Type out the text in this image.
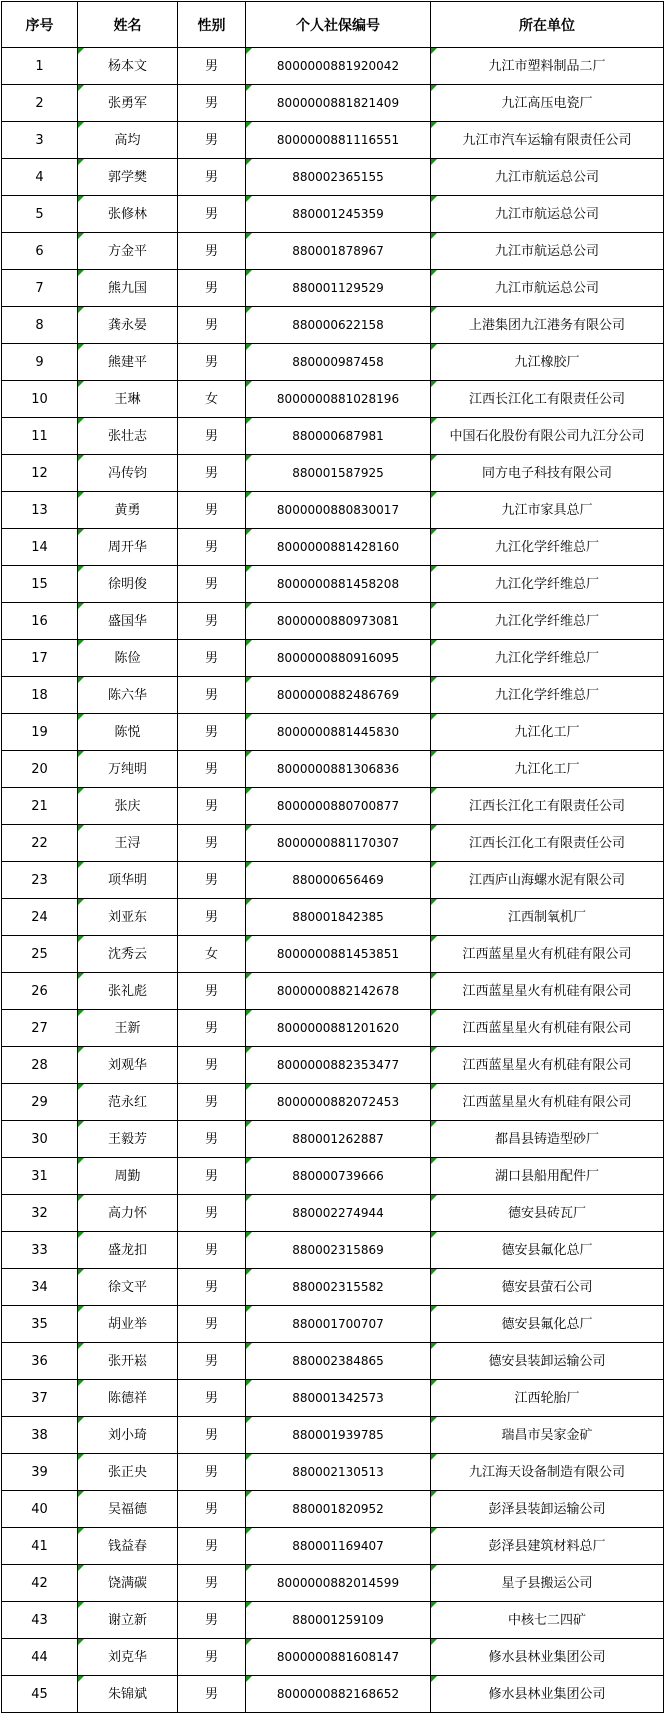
序号	姓名	性别	个人社保编号	所在单位
1	杨本文	男	8000000881920042	九江市塑料制品二厂
2	张勇军	男	8000000881821409	九江高压电瓷厂
3	高均	男	8000000881116551	九江市汽车运输有限责任公司
4	郭学樊	男	880002365155	九江市航运总公司
5	张修林	男	880001245359	九江市航运总公司
6	方金平	男	880001878967	九江市航运总公司
7	熊九国	男	880001129529	九江市航运总公司
8	龚永晏	男	880000622158	上港集团九江港务有限公司
9	熊建平	男	880000987458	九江橡胶厂
10	王琳	女	8000000881028196	江西长江化工有限责任公司
11	张壮志	男	880000687981	中国石化股份有限公司九江分公司
12	冯传钧	男	880001587925	同方电子科技有限公司
13	黄勇	男	8000000880830017	九江市家具总厂
14	周开华	男	8000000881428160	九江化学纤维总厂
15	徐明俊	男	8000000881458208	九江化学纤维总厂
16	盛国华	男	8000000880973081	九江化学纤维总厂
17	陈俭	男	8000000880916095	九江化学纤维总厂
18	陈六华	男	8000000882486769	九江化学纤维总厂
19	陈悦	男	8000000881445830	九江化工厂
20	万纯明	男	8000000881306836	九江化工厂
21	张庆	男	8000000880700877	江西长江化工有限责任公司
22	王浔	男	8000000881170307	江西长江化工有限责任公司
23	项华明	男	880000656469	江西庐山海螺水泥有限公司
24	刘亚东	男	880001842385	江西制氧机厂
25	沈秀云	女	8000000881453851	江西蓝星星火有机硅有限公司
26	张礼彪	男	8000000882142678	江西蓝星星火有机硅有限公司
27	王新	男	8000000881201620	江西蓝星星火有机硅有限公司
28	刘观华	男	8000000882353477	江西蓝星星火有机硅有限公司
29	范永红	男	8000000882072453	江西蓝星星火有机硅有限公司
30	王毅芳	男	880001262887	都昌县铸造型砂厂
31	周勤	男	880000739666	湖口县船用配件厂
32	高力怀	男	880002274944	德安县砖瓦厂
33	盛龙扣	男	880002315869	德安县氟化总厂
34	徐文平	男	880002315582	德安县萤石公司
35	胡业举	男	880001700707	德安县氟化总厂
36	张开崧	男	880002384865	德安县装卸运输公司
37	陈德祥	男	880001342573	江西轮胎厂
38	刘小琦	男	880001939785	瑞昌市吴家金矿
39	张正央	男	880002130513	九江海天设备制造有限公司
40	吴福德	男	880001820952	彭泽县装卸运输公司
41	钱益春	男	880001169407	彭泽县建筑材料总厂
42	饶满碳	男	8000000882014599	星子县搬运公司
43	谢立新	男	880001259109	中核七二四矿
44	刘克华	男	8000000881608147	修水县林业集团公司
45	朱锦斌	男	8000000882168652	修水县林业集团公司
